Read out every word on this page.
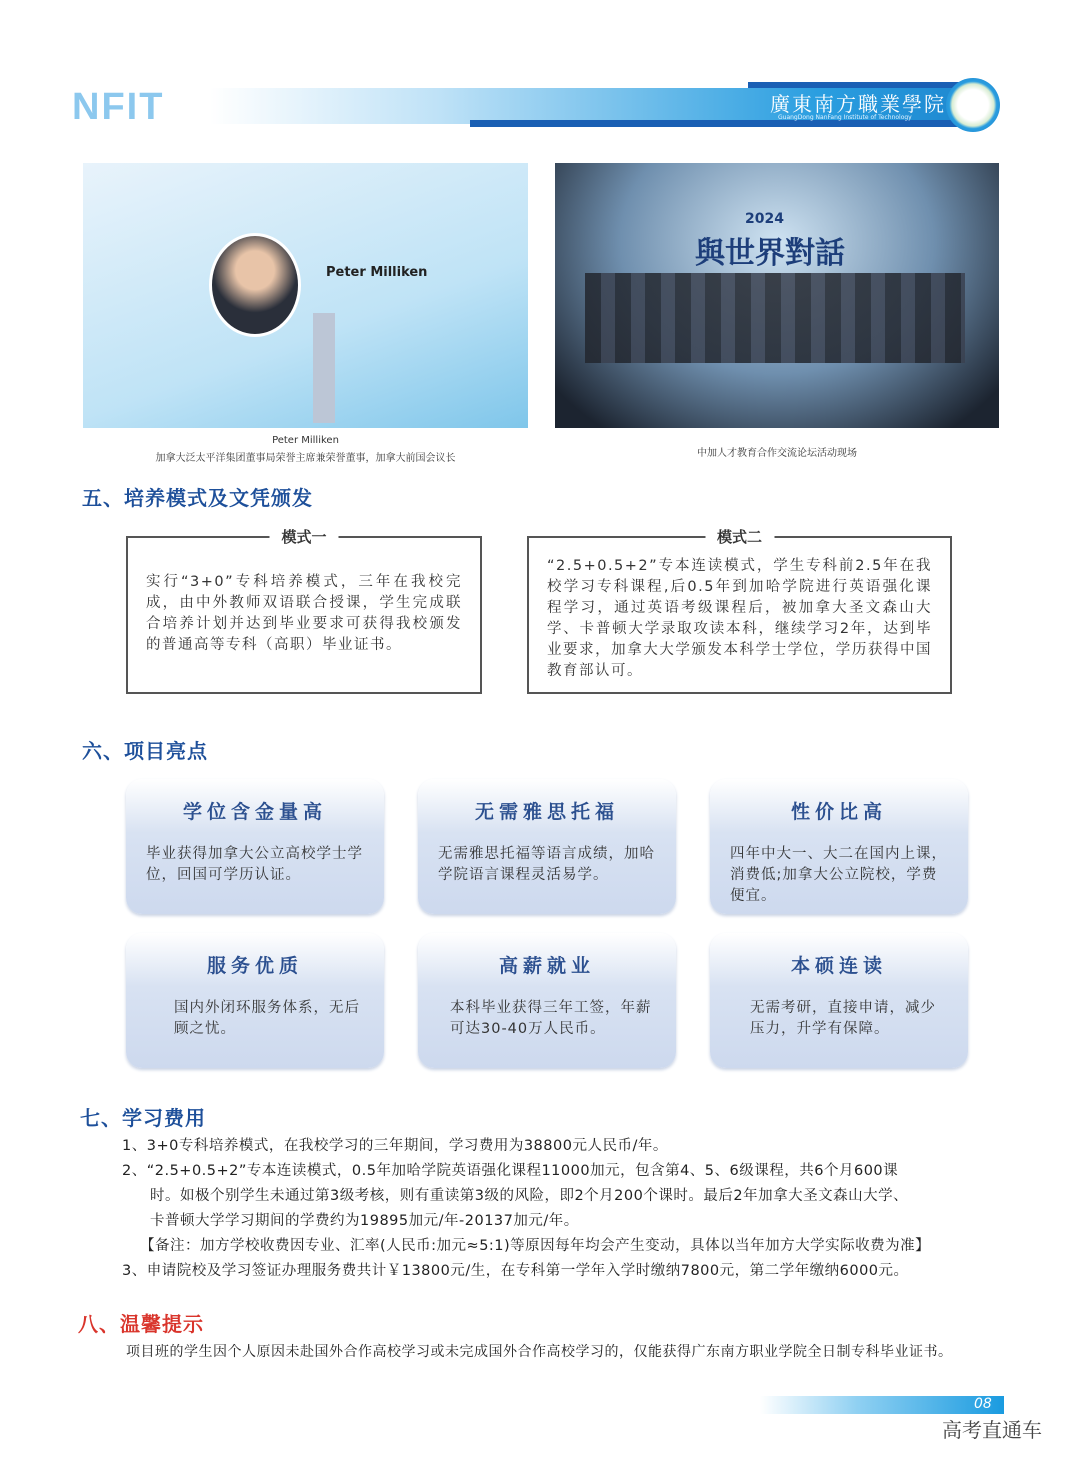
NFIT	廣東南方職業學院
GuangDong NanFang Institute of Technology
Peter Milliken
2024
與世界對話
Peter Milliken
加拿大泛太平洋集团董事局荣誉主席兼荣誉董事，加拿大前国会议长	中加人才教育合作交流论坛活动现场
五、培养模式及文凭颁发
模式一

实行“3+0”专科培养模式，三年在我校完成，由中外教师双语联合授课，学生完成联合培养计划并达到毕业要求可获得我校颁发的普通高等专科（高职）毕业证书。

模式二

“2.5+0.5+2”专本连读模式，学生专科前2.5年在我校学习专科课程,后0.5年到加哈学院进行英语强化课程学习，通过英语考级课程后，被加拿大圣文森山大学、卡普顿大学录取攻读本科，继续学习2年，达到毕业要求，加拿大大学颁发本科学士学位，学历获得中国教育部认可。

六、项目亮点
学位含金量高
毕业获得加拿大公立高校学士学位，回国可学历认证。
无需雅思托福
无需雅思托福等语言成绩，加哈学院语言课程灵活易学。
性价比高
四年中大一、大二在国内上课，消费低;加拿大公立院校，学费便宜。
服务优质
国内外闭环服务体系，无后顾之忧。
高薪就业
本科毕业获得三年工签，年薪可达30-40万人民币。
本硕连读
无需考研，直接申请，减少压力，升学有保障。
七、学习费用
1、3+0专科培养模式，在我校学习的三年期间，学习费用为38800元人民币/年。
2、“2.5+0.5+2”专本连读模式，0.5年加哈学院英语强化课程11000加元，包含第4、5、6级课程，共6个月600课
时。如极个别学生未通过第3级考核，则有重读第3级的风险，即2个月200个课时。最后2年加拿大圣文森山大学、
卡普顿大学学习期间的学费约为19895加元/年-20137加元/年。
【备注：加方学校收费因专业、汇率(人民币:加元≈5:1)等原因每年均会产生变动，具体以当年加方大学实际收费为准】
3、申请院校及学习签证办理服务费共计￥13800元/生，在专科第一学年入学时缴纳7800元，第二学年缴纳6000元。
八、温馨提示
项目班的学生因个人原因未赴国外合作高校学习或未完成国外合作高校学习的，仅能获得广东南方职业学院全日制专科毕业证书。
08
高考直通车
